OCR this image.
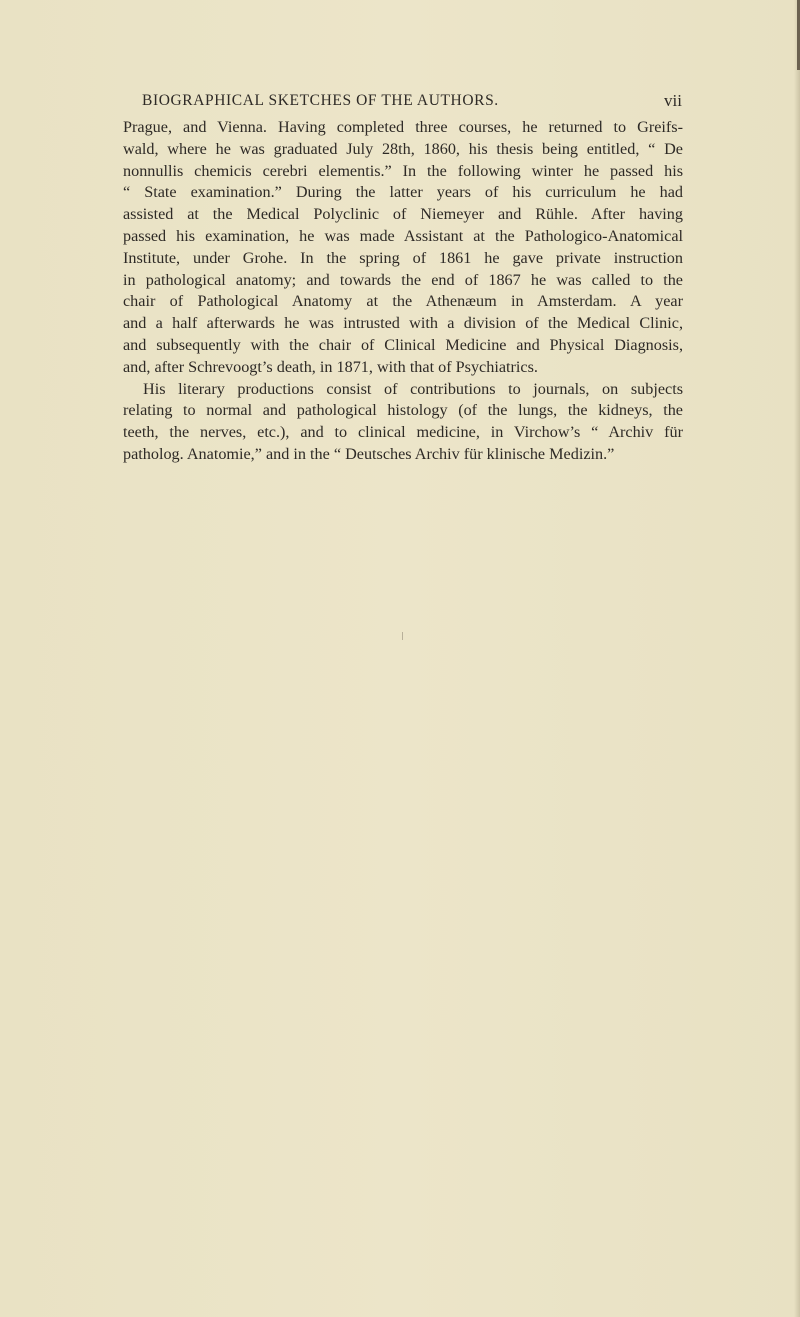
BIOGRAPHICAL SKETCHES OF THE AUTHORS.	vii
Prague, and Vienna. Having completed three courses, he returned to Greifs-
wald, where he was graduated July 28th, 1860, his thesis being entitled, “ De
nonnullis chemicis cerebri elementis.” In the following winter he passed his
“ State examination.” During the latter years of his curriculum he had
assisted at the Medical Polyclinic of Niemeyer and Rühle. After having
passed his examination, he was made Assistant at the Pathologico-Anatomical
Institute, under Grohe. In the spring of 1861 he gave private instruction
in pathological anatomy; and towards the end of 1867 he was called to the
chair of Pathological Anatomy at the Athenæum in Amsterdam. A year
and a half afterwards he was intrusted with a division of the Medical Clinic,
and subsequently with the chair of Clinical Medicine and Physical Diagnosis,
and, after Schrevoogt’s death, in 1871, with that of Psychiatrics.
His literary productions consist of contributions to journals, on subjects
relating to normal and pathological histology (of the lungs, the kidneys, the
teeth, the nerves, etc.), and to clinical medicine, in Virchow’s “ Archiv für
patholog. Anatomie,” and in the “ Deutsches Archiv für klinische Medizin.”
